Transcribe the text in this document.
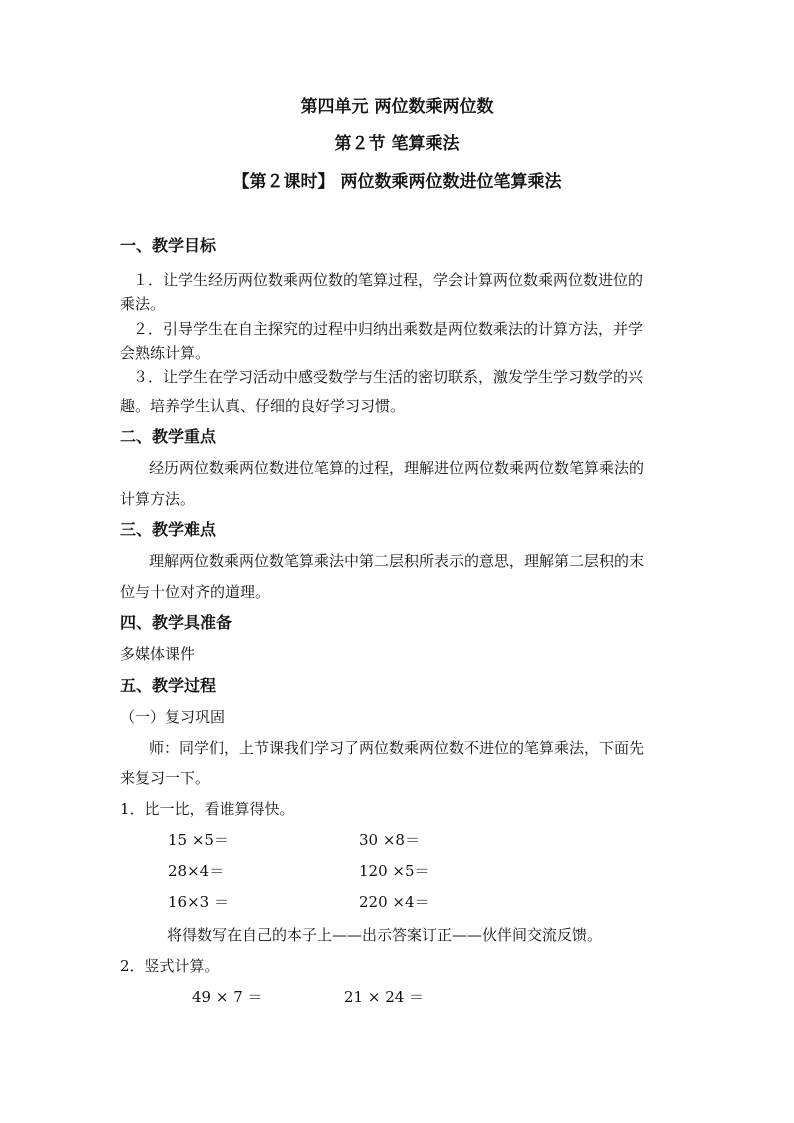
第四单元 两位数乘两位数
第２节 笔算乘法
【第２课时】 两位数乘两位数进位笔算乘法
一、教学目标
１．让学生经历两位数乘两位数的笔算过程，学会计算两位数乘两位数进位的
乘法。
２．引导学生在自主探究的过程中归纳出乘数是两位数乘法的计算方法，并学
会熟练计算。
３．让学生在学习活动中感受数学与生活的密切联系，激发学生学习数学的兴
趣。培养学生认真、仔细的良好学习习惯。
二、教学重点
经历两位数乘两位数进位笔算的过程，理解进位两位数乘两位数笔算乘法的
计算方法。
三、教学难点
理解两位数乘两位数笔算乘法中第二层积所表示的意思，理解第二层积的末
位与十位对齐的道理。
四、教学具准备
多媒体课件
五、教学过程
（一）复习巩固
师：同学们，上节课我们学习了两位数乘两位数不进位的笔算乘法，下面先
来复习一下。
1．比一比，看谁算得快。
15 ×5＝	30 ×8＝
28×4＝	120 ×5＝
16×3 ＝	220 ×4＝
将得数写在自己的本子上——出示答案订正——伙伴间交流反馈。
2．竖式计算。
49 × 7 ＝	21 × 24 ＝
